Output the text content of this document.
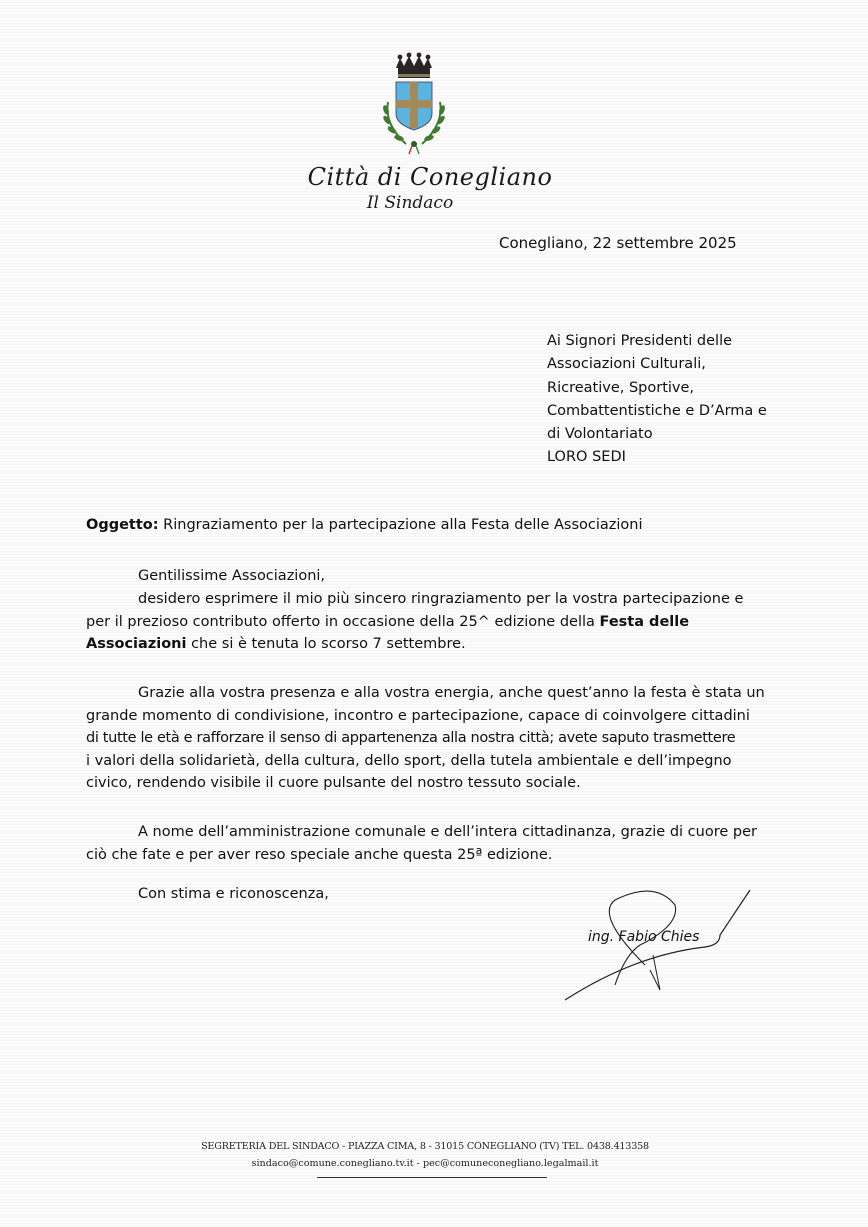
Città di Conegliano
Il Sindaco
Conegliano, 22 settembre 2025
Ai Signori Presidenti delle
Associazioni Culturali,
Ricreative, Sportive,
Combattentistiche e D’Arma e
di Volontariato
LORO SEDI
Oggetto: Ringraziamento per la partecipazione alla Festa delle Associazioni
Gentilissime Associazioni,

desidero esprimere il mio più sincero ringraziamento per la vostra partecipazione e

per il prezioso contributo offerto in occasione della 25^ edizione della Festa delle
Associazioni che si è tenuta lo scorso 7 settembre.

Grazie alla vostra presenza e alla vostra energia, anche quest’anno la festa è stata un

grande momento di condivisione, incontro e partecipazione, capace di coinvolgere cittadini

di tutte le età e rafforzare il senso di appartenenza alla nostra città; avete saputo trasmettere

i valori della solidarietà, della cultura, dello sport, della tutela ambientale e dell’impegno

civico, rendendo visibile il cuore pulsante del nostro tessuto sociale.

A nome dell’amministrazione comunale e dell’intera cittadinanza, grazie di cuore per

ciò che fate e per aver reso speciale anche questa 25ª edizione.

Con stima e riconoscenza,
ing. Fabio Chies
SEGRETERIA DEL SINDACO - PIAZZA CIMA, 8 - 31015 CONEGLIANO (TV) TEL. 0438.413358
sindaco@comune.conegliano.tv.it - pec@comuneconegliano.legalmail.it
